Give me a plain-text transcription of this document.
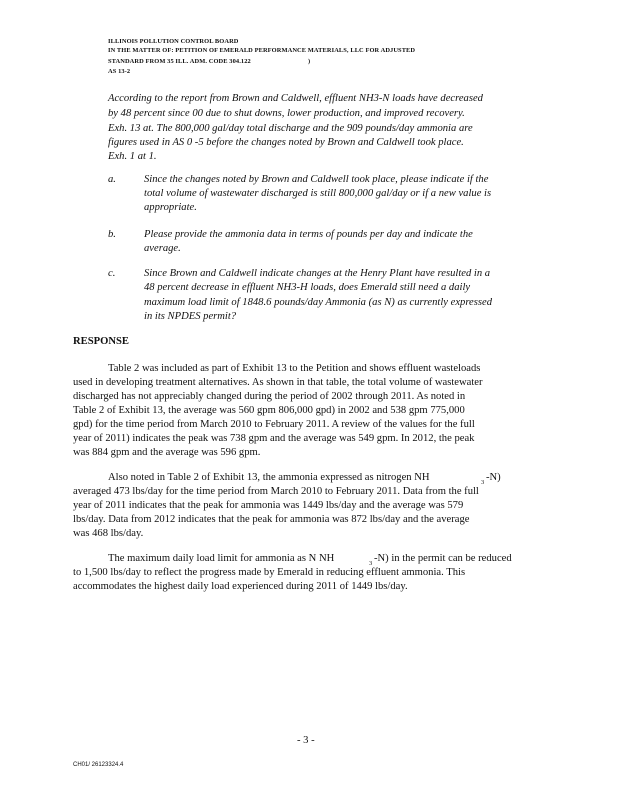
ILLINOIS POLLUTION CONTROL BOARD
IN THE MATTER OF: PETITION OF EMERALD PERFORMANCE MATERIALS, LLC FOR ADJUSTED
STANDARD FROM 35 ILL. ADM. CODE 304.122	)
AS 13-2
According to the report from Brown and Caldwell, effluent NH3-N loads have decreased
by 48 percent since 00 due to shut downs, lower production, and improved recovery.
Exh. 13 at. The 800,000 gal/day total discharge and the 909 pounds/day ammonia are
figures used in AS 0 -5 before the changes noted by Brown and Caldwell took place.
Exh. 1 at 1.
a.	Since the changes noted by Brown and Caldwell took place, please indicate if the
total volume of wastewater discharged is still 800,000 gal/day or if a new value is
appropriate.
b.	Please provide the ammonia data in terms of pounds per day and indicate the
average.
c.	Since Brown and Caldwell indicate changes at the Henry Plant have resulted in a
48 percent decrease in effluent NH3-H loads, does Emerald still need a daily
maximum load limit of 1848.6 pounds/day Ammonia (as N) as currently expressed
in its NPDES permit?
RESPONSE
Table 2 was included as part of Exhibit 13 to the Petition and shows effluent wasteloads
used in developing treatment alternatives. As shown in that table, the total volume of wastewater
discharged has not appreciably changed during the period of 2002 through 2011. As noted in
Table 2 of Exhibit 13, the average was 560 gpm 806,000 gpd) in 2002 and 538 gpm 775,000
gpd) for the time period from March 2010 to February 2011. A review of the values for the full
year of 2011) indicates the peak was 738 gpm and the average was 549 gpm. In 2012, the peak
was 884 gpm and the average was 596 gpm.
Also noted in Table 2 of Exhibit 13, the ammonia expressed as nitrogen NH	3 -N)
averaged 473 lbs/day for the time period from March 2010 to February 2011. Data from the full
year of 2011 indicates that the peak for ammonia was 1449 lbs/day and the average was 579
lbs/day. Data from 2012 indicates that the peak for ammonia was 872 lbs/day and the average
was 468 lbs/day.
The maximum daily load limit for ammonia as N NH	3 -N) in the permit can be reduced
to 1,500 lbs/day to reflect the progress made by Emerald in reducing effluent ammonia. This
accommodates the highest daily load experienced during 2011 of 1449 lbs/day.
- 3 -
CH01/ 26123324.4
